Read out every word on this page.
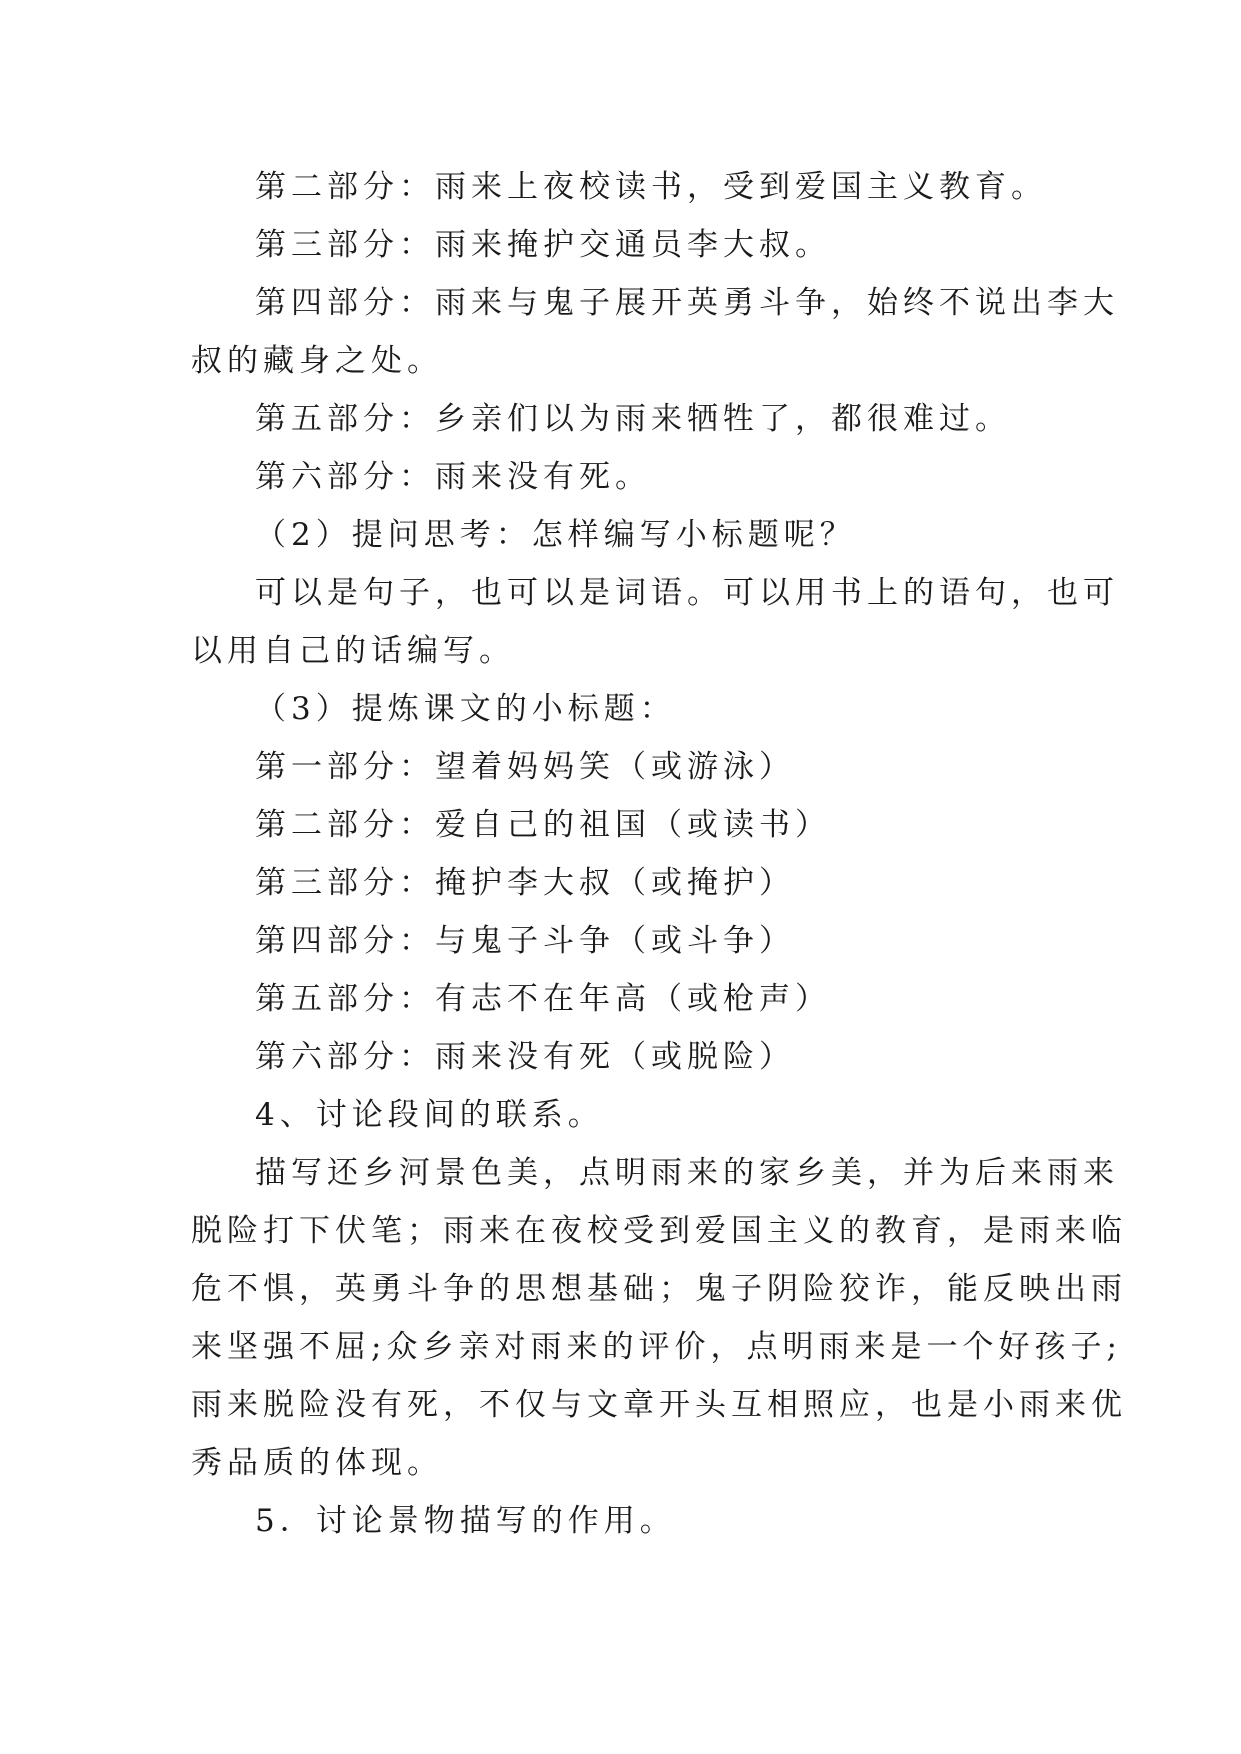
第二部分：雨来上夜校读书，受到爱国主义教育。

第三部分：雨来掩护交通员李大叔。

第四部分：雨来与鬼子展开英勇斗争，始终不说出李大

叔的藏身之处。

第五部分：乡亲们以为雨来牺牲了，都很难过。

第六部分：雨来没有死。

（2）提问思考：怎样编写小标题呢？

可以是句子，也可以是词语。可以用书上的语句，也可

以用自己的话编写。

（3）提炼课文的小标题：

第一部分：望着妈妈笑（或游泳）

第二部分：爱自己的祖国（或读书）

第三部分：掩护李大叔（或掩护）

第四部分：与鬼子斗争（或斗争）

第五部分：有志不在年高（或枪声）

第六部分：雨来没有死（或脱险）

4、讨论段间的联系。

描写还乡河景色美，点明雨来的家乡美，并为后来雨来

脱险打下伏笔；雨来在夜校受到爱国主义的教育，是雨来临

危不惧，英勇斗争的思想基础；鬼子阴险狡诈，能反映出雨

来坚强不屈;众乡亲对雨来的评价，点明雨来是一个好孩子;

雨来脱险没有死，不仅与文章开头互相照应，也是小雨来优

秀品质的体现。

5．讨论景物描写的作用。
